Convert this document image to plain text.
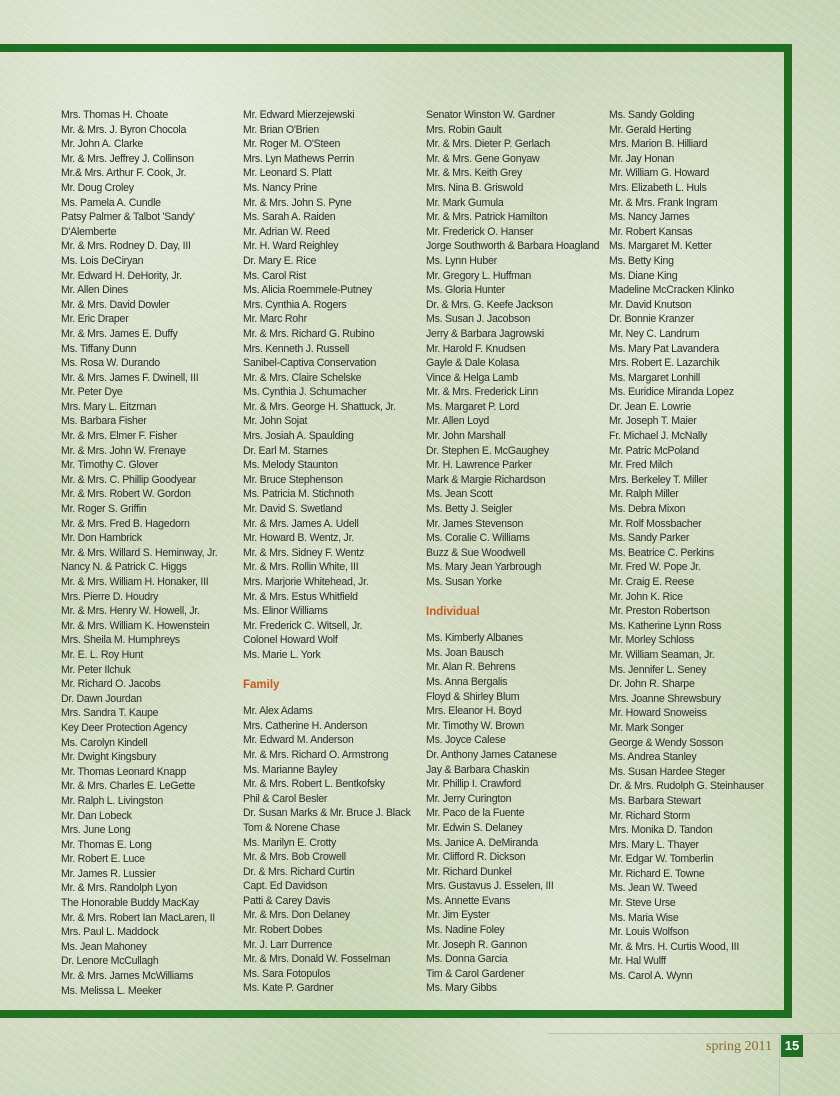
Mrs. Thomas H. Choate
Mr. & Mrs. J. Byron Chocola
Mr. John A. Clarke
Mr. & Mrs. Jeffrey J. Collinson
Mr.& Mrs. Arthur F. Cook, Jr.
Mr. Doug Croley
Ms. Pamela A. Cundle
Patsy Palmer & Talbot 'Sandy'
D'Alemberte
Mr. & Mrs. Rodney D. Day, III
Ms. Lois DeCiryan
Mr. Edward H. DeHority, Jr.
Mr. Allen Dines
Mr. & Mrs. David Dowler
Mr. Eric Draper
Mr. & Mrs. James E. Duffy
Ms. Tiffany Dunn
Ms. Rosa W. Durando
Mr. & Mrs. James F. Dwinell, III
Mr. Peter Dye
Mrs. Mary L. Eitzman
Ms. Barbara Fisher
Mr. & Mrs. Elmer F. Fisher
Mr. & Mrs. John W. Frenaye
Mr. Timothy C. Glover
Mr. & Mrs. C. Phillip Goodyear
Mr. & Mrs. Robert W. Gordon
Mr. Roger S. Griffin
Mr. & Mrs. Fred B. Hagedorn
Mr. Don Hambrick
Mr. & Mrs. Willard S. Heminway, Jr.
Nancy N. & Patrick C. Higgs
Mr. & Mrs. William H. Honaker, III
Mrs. Pierre D. Houdry
Mr. & Mrs. Henry W. Howell, Jr.
Mr. & Mrs. William K. Howenstein
Mrs. Sheila M. Humphreys
Mr. E. L. Roy Hunt
Mr. Peter Ilchuk
Mr. Richard O. Jacobs
Dr. Dawn Jourdan
Mrs. Sandra T. Kaupe
Key Deer Protection Agency
Ms. Carolyn Kindell
Mr. Dwight Kingsbury
Mr. Thomas Leonard Knapp
Mr. & Mrs. Charles E. LeGette
Mr. Ralph L. Livingston
Mr. Dan Lobeck
Mrs. June Long
Mr. Thomas E. Long
Mr. Robert E. Luce
Mr. James R. Lussier
Mr. & Mrs. Randolph Lyon
The Honorable Buddy MacKay
Mr. & Mrs. Robert Ian MacLaren, II
Mrs. Paul L. Maddock
Ms. Jean Mahoney
Dr. Lenore McCullagh
Mr. & Mrs. James McWilliams
Ms. Melissa L. Meeker
Mr. Edward Mierzejewski
Mr. Brian O'Brien
Mr. Roger M. O'Steen
Mrs. Lyn Mathews Perrin
Mr. Leonard S. Platt
Ms. Nancy Prine
Mr. & Mrs. John S. Pyne
Ms. Sarah A. Raiden
Mr. Adrian W. Reed
Mr. H. Ward Reighley
Dr. Mary E. Rice
Ms. Carol Rist
Ms. Alicia Roemmele-Putney
Mrs. Cynthia A. Rogers
Mr. Marc Rohr
Mr. & Mrs. Richard G. Rubino
Mrs. Kenneth J. Russell
Sanibel-Captiva Conservation
Mr. & Mrs. Claire Schelske
Ms. Cynthia J. Schumacher
Mr. & Mrs. George H. Shattuck, Jr.
Mr. John Sojat
Mrs. Josiah A. Spaulding
Dr. Earl M. Starnes
Ms. Melody Staunton
Mr. Bruce Stephenson
Ms. Patricia M. Stichnoth
Mr. David S. Swetland
Mr. & Mrs. James A. Udell
Mr. Howard B. Wentz, Jr.
Mr. & Mrs. Sidney F. Wentz
Mr. & Mrs. Rollin White, III
Mrs. Marjorie Whitehead, Jr.
Mr. & Mrs. Estus Whitfield
Ms. Elinor Williams
Mr. Frederick C. Witsell, Jr.
Colonel Howard Wolf
Ms. Marie L. York
Family
Mr. Alex Adams
Mrs. Catherine H. Anderson
Mr. Edward M. Anderson
Mr. & Mrs. Richard O. Armstrong
Ms. Marianne Bayley
Mr. & Mrs. Robert L. Bentkofsky
Phil & Carol Besler
Dr. Susan Marks & Mr. Bruce J. Black
Tom & Norene Chase
Ms. Marilyn E. Crotty
Mr. & Mrs. Bob Crowell
Dr. & Mrs. Richard Curtin
Capt. Ed Davidson
Patti & Carey Davis
Mr. & Mrs. Don Delaney
Mr. Robert Dobes
Mr. J. Larr Durrence
Mr. & Mrs. Donald W. Fosselman
Ms. Sara Fotopulos
Ms. Kate P. Gardner
Senator Winston W. Gardner
Mrs. Robin Gault
Mr. & Mrs. Dieter P. Gerlach
Mr. & Mrs. Gene Gonyaw
Mr. & Mrs. Keith Grey
Mrs. Nina B. Griswold
Mr. Mark Gumula
Mr. & Mrs. Patrick Hamilton
Mr. Frederick O. Hanser
Jorge Southworth & Barbara Hoagland
Ms. Lynn Huber
Mr. Gregory L. Huffman
Ms. Gloria Hunter
Dr. & Mrs. G. Keefe Jackson
Ms. Susan J. Jacobson
Jerry & Barbara Jagrowski
Mr. Harold F. Knudsen
Gayle & Dale Kolasa
Vince & Helga Lamb
Mr. & Mrs. Frederick Linn
Ms. Margaret P. Lord
Mr. Allen Loyd
Mr. John Marshall
Dr. Stephen E. McGaughey
Mr. H. Lawrence Parker
Mark & Margie Richardson
Ms. Jean Scott
Ms. Betty J. Seigler
Mr. James Stevenson
Ms. Coralie C. Williams
Buzz & Sue Woodwell
Ms. Mary Jean Yarbrough
Ms. Susan Yorke
Individual
Ms. Kimberly Albanes
Ms. Joan Bausch
Mr. Alan R. Behrens
Ms. Anna Bergalis
Floyd & Shirley Blum
Mrs. Eleanor H. Boyd
Mr. Timothy W. Brown
Ms. Joyce Calese
Dr. Anthony James Catanese
Jay & Barbara Chaskin
Mr. Phillip I. Crawford
Mr. Jerry Curington
Mr. Paco de la Fuente
Mr. Edwin S. Delaney
Ms. Janice A. DeMiranda
Mr. Clifford R. Dickson
Mr. Richard Dunkel
Mrs. Gustavus J. Esselen, III
Ms. Annette Evans
Mr. Jim Eyster
Ms. Nadine Foley
Mr. Joseph R. Gannon
Ms. Donna Garcia
Tim & Carol Gardener
Ms. Mary Gibbs
Ms. Sandy Golding
Mr. Gerald Herting
Mrs. Marion B. Hilliard
Mr. Jay Honan
Mr. William G. Howard
Mrs. Elizabeth L. Huls
Mr. & Mrs. Frank Ingram
Ms. Nancy James
Mr. Robert Kansas
Ms. Margaret M. Ketter
Ms. Betty King
Ms. Diane King
Madeline McCracken Klinko
Mr. David Knutson
Dr. Bonnie Kranzer
Mr. Ney C. Landrum
Ms. Mary Pat Lavandera
Mrs. Robert E. Lazarchik
Ms. Margaret Lonhill
Ms. Euridice Miranda Lopez
Dr. Jean E. Lowrie
Mr. Joseph T. Maier
Fr. Michael J. McNally
Mr. Patric McPoland
Mr. Fred Milch
Mrs. Berkeley T. Miller
Mr. Ralph Miller
Ms. Debra Mixon
Mr. Rolf Mossbacher
Ms. Sandy Parker
Ms. Beatrice C. Perkins
Mr. Fred W. Pope Jr.
Mr. Craig E. Reese
Mr. John K. Rice
Mr. Preston Robertson
Ms. Katherine Lynn Ross
Mr. Morley Schloss
Mr. William Seaman, Jr.
Ms. Jennifer L. Seney
Dr. John R. Sharpe
Mrs. Joanne Shrewsbury
Mr. Howard Snoweiss
Mr. Mark Songer
George & Wendy Sosson
Ms. Andrea Stanley
Ms. Susan Hardee Steger
Dr. & Mrs. Rudolph G. Steinhauser
Ms. Barbara Stewart
Mr. Richard Storm
Mrs. Monika D. Tandon
Mrs. Mary L. Thayer
Mr. Edgar W. Tomberlin
Mr. Richard E. Towne
Ms. Jean W. Tweed
Mr. Steve Urse
Ms. Maria Wise
Mr. Louis Wolfson
Mr. & Mrs. H. Curtis Wood, III
Mr. Hal Wulff
Ms. Carol A. Wynn
spring 2011 15
